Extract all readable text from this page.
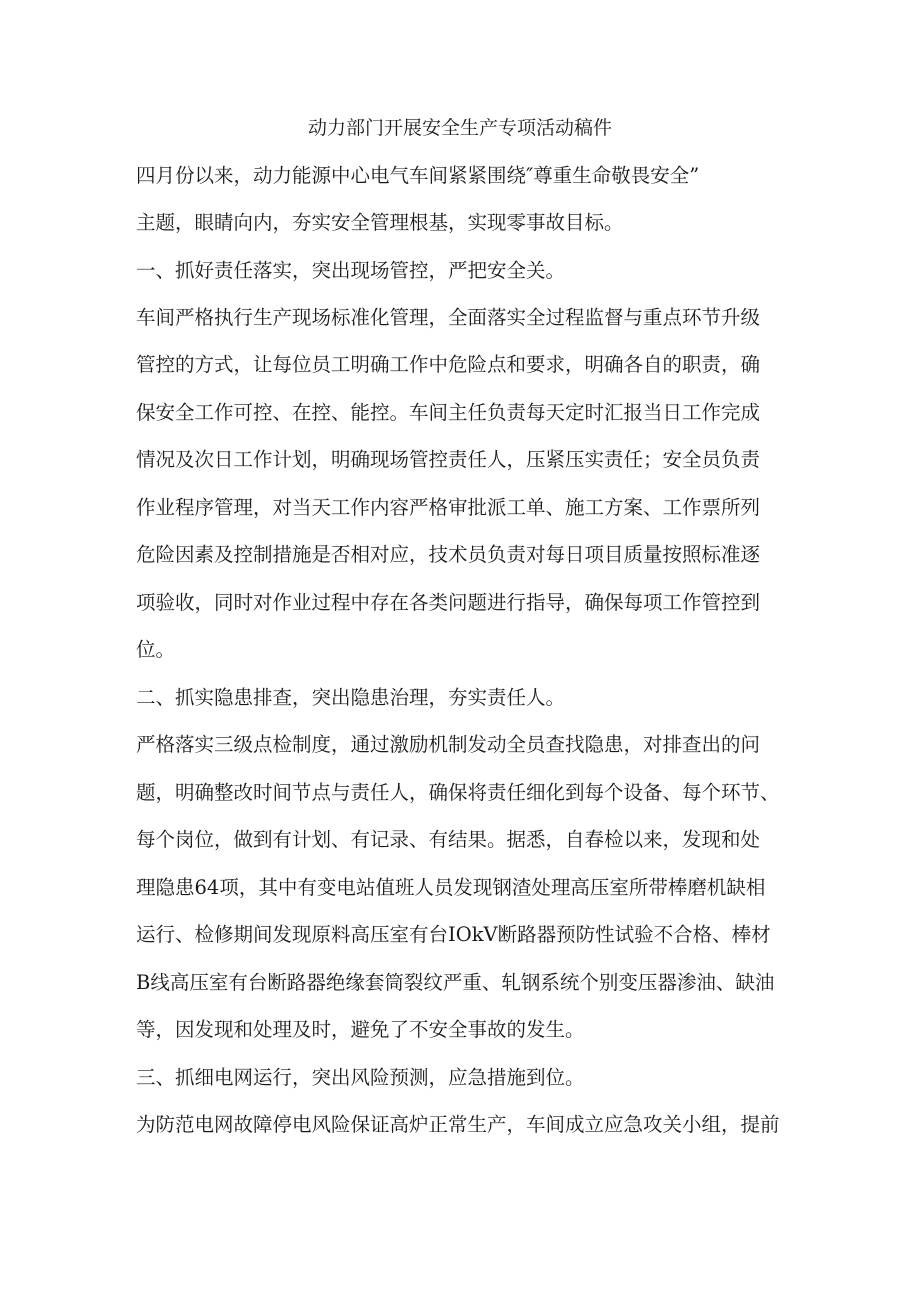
动力部门开展安全生产专项活动稿件
四月份以来，动力能源中心电气车间紧紧围绕″尊重生命敬畏安全”
主题，眼睛向内，夯实安全管理根基，实现零事故目标。
一、抓好责任落实，突出现场管控，严把安全关。
车间严格执行生产现场标准化管理，全面落实全过程监督与重点环节升级
管控的方式，让每位员工明确工作中危险点和要求，明确各自的职责，确
保安全工作可控、在控、能控。车间主任负责每天定时汇报当日工作完成
情况及次日工作计划，明确现场管控责任人，压紧压实责任；安全员负责
作业程序管理，对当天工作内容严格审批派工单、施工方案、工作票所列
危险因素及控制措施是否相对应，技术员负责对每日项目质量按照标准逐
项验收，同时对作业过程中存在各类问题进行指导，确保每项工作管控到
位。
二、抓实隐患排查，突出隐患治理，夯实责任人。
严格落实三级点检制度，通过激励机制发动全员查找隐患，对排查出的问
题，明确整改时间节点与责任人，确保将责任细化到每个设备、每个环节、
每个岗位，做到有计划、有记录、有结果。据悉，自春检以来，发现和处
理隐患64项，其中有变电站值班人员发现钢渣处理高压室所带棒磨机缺相
运行、检修期间发现原料高压室有台IOkV断路器预防性试验不合格、棒材
B线高压室有台断路器绝缘套筒裂纹严重、轧钢系统个别变压器渗油、缺油
等，因发现和处理及时，避免了不安全事故的发生。
三、抓细电网运行，突出风险预测，应急措施到位。
为防范电网故障停电风险保证高炉正常生产，车间成立应急攻关小组，提前
